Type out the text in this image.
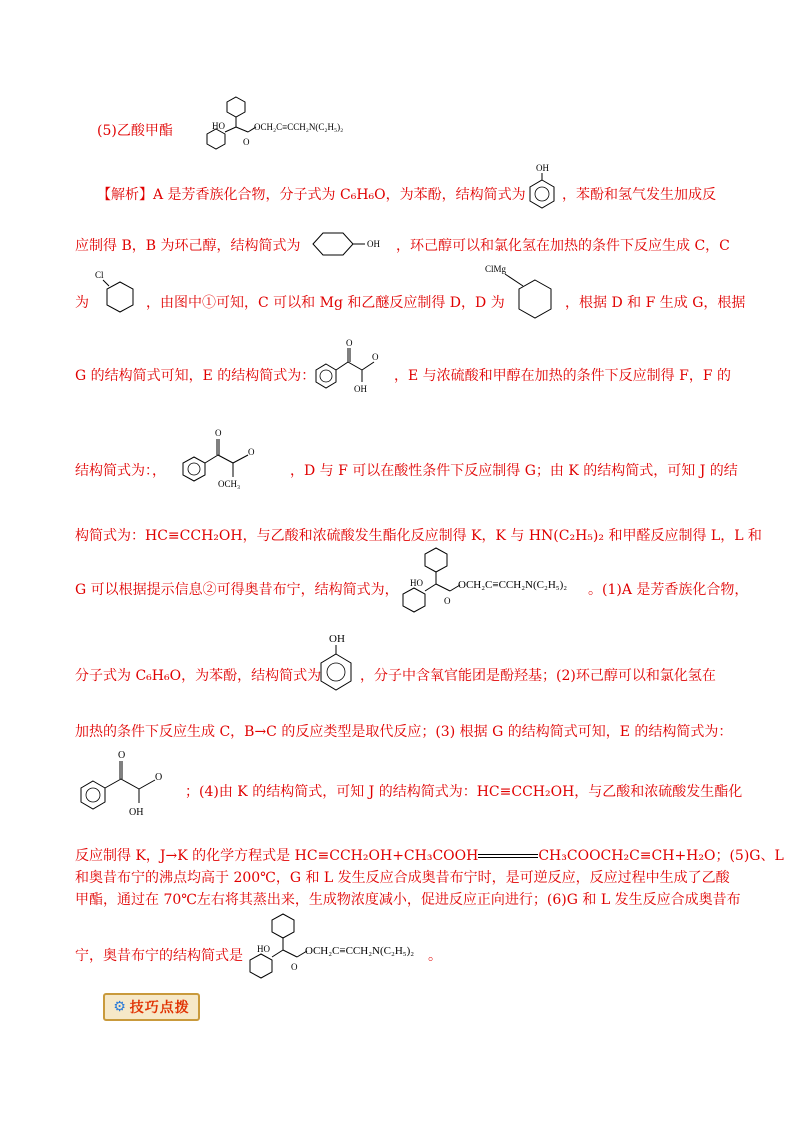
(5)乙酸甲酯	HO
O
OCH₂C≡CCH₂N(C₂H₅)₂
【解析】A 是芳香族化合物，分子式为 C₆H₆O，为苯酚，结构简式为
OH
，苯酚和氢气发生加成反
应制得 B，B 为环己醇，结构简式为	OH ，环己醇可以和氯化氢在加热的条件下反应生成 C，C
为
Cl
，由图中①可知，C 可以和 Mg 和乙醚反应制得 D，D 为
ClMg
，根据 D 和 F 生成 G，根据
G 的结构简式可知，E 的结构简式为：
O
O
OH
，E 与浓硫酸和甲醇在加热的条件下反应制得 F，F 的
结构简式为：，
O
O
OCH₃
，D 与 F 可以在酸性条件下反应制得 G；由 K 的结构简式，可知 J 的结
构简式为：HC≡CCH₂OH，与乙酸和浓硫酸发生酯化反应制得 K，K 与 HN(C₂H₅)₂ 和甲醛反应制得 L，L 和
G 可以根据提示信息②可得奥昔布宁，结构简式为， HO
O
OCH₂C≡CCH₂N(C₂H₅)₂ 。(1)A 是芳香族化合物，
分子式为 C₆H₆O，为苯酚，结构简式为
OH
，分子中含氧官能团是酚羟基；(2)环己醇可以和氯化氢在
加热的条件下反应生成 C，B→C 的反应类型是取代反应；(3) 根据 G 的结构简式可知，E 的结构简式为：
O
O
OH
；(4)由 K 的结构简式，可知 J 的结构简式为：HC≡CCH₂OH，与乙酸和浓硫酸发生酯化
反应制得 K，J→K 的化学方程式是 HC≡CCH₂OH+CH₃COOH	CH₃COOCH₂C≡CH+H₂O；(5)G、L
和奥昔布宁的沸点均高于 200℃，G 和 L 发生反应合成奥昔布宁时，是可逆反应，反应过程中生成了乙酸
甲酯，通过在 70℃左右将其蒸出来，生成物浓度减小，促进反应正向进行；(6)G 和 L 发生反应合成奥昔布
宁，奥昔布宁的结构简式是 HO
O
OCH₂C≡CCH₂N(C₂H₅)₂ 。
⚙ 技巧点拨
